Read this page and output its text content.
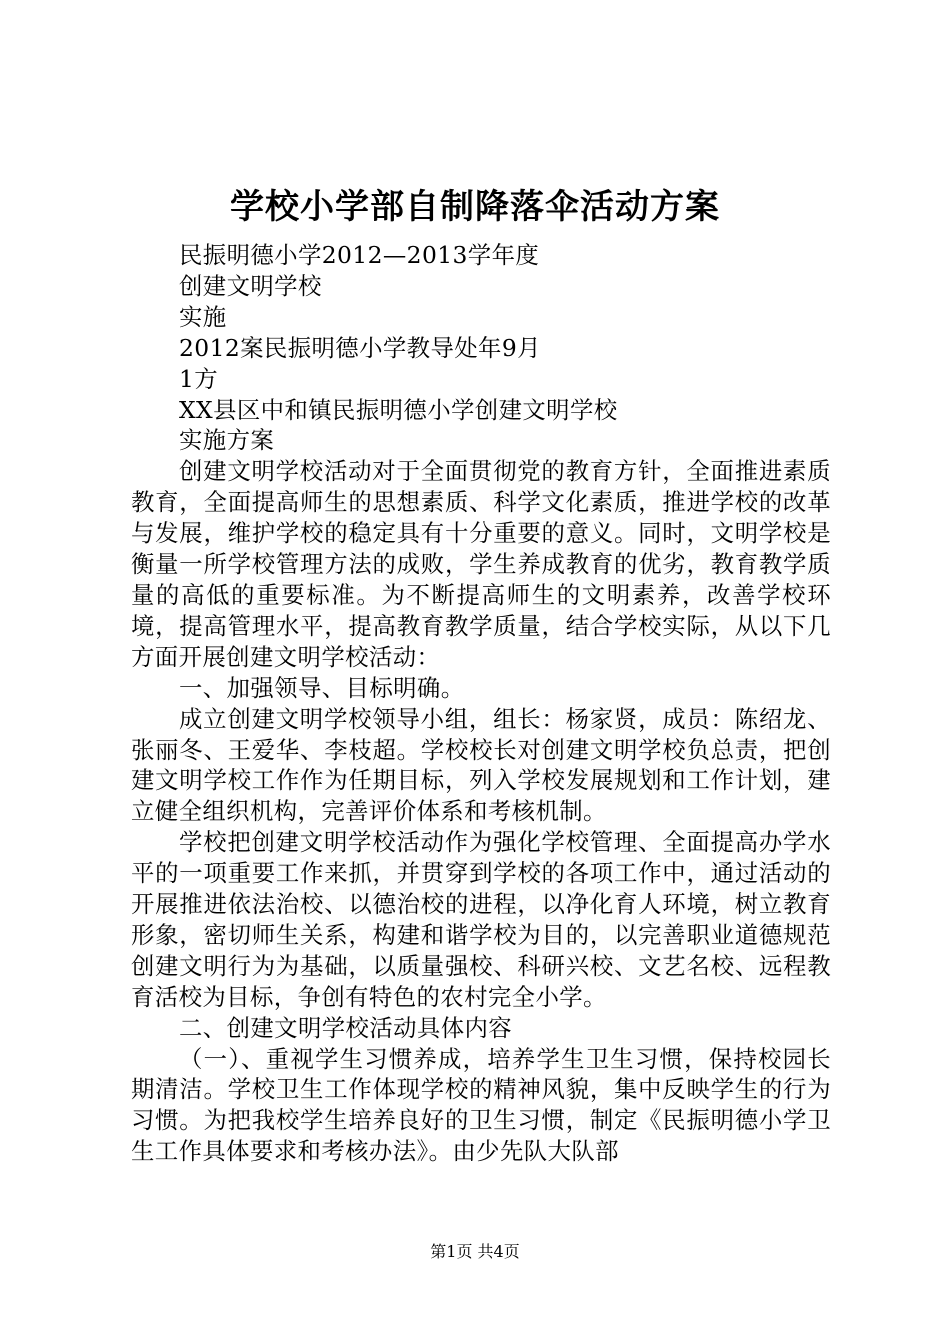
学校小学部自制降落伞活动方案
民振明德小学2012—2013学年度
创建文明学校
实施
2012案民振明德小学教导处年9月
1方
XX县区中和镇民振明德小学创建文明学校
实施方案

创建文明学校活动对于全面贯彻党的教育方针，全面推进素质教育，全面提高师生的思想素质、科学文化素质，推进学校的改革与发展，维护学校的稳定具有十分重要的意义。同时，文明学校是衡量一所学校管理方法的成败，学生养成教育的优劣，教育教学质量的高低的重要标准。为不断提高师生的文明素养，改善学校环境，提高管理水平，提高教育教学质量，结合学校实际，从以下几方面开展创建文明学校活动：

一、加强领导、目标明确。

成立创建文明学校领导小组，组长：杨家贤，成员：陈绍龙、张丽冬、王爱华、李枝超。学校校长对创建文明学校负总责，把创建文明学校工作作为任期目标，列入学校发展规划和工作计划，建立健全组织机构，完善评价体系和考核机制。

学校把创建文明学校活动作为强化学校管理、全面提高办学水平的一项重要工作来抓，并贯穿到学校的各项工作中，通过活动的开展推进依法治校、以德治校的进程，以净化育人环境，树立教育形象，密切师生关系，构建和谐学校为目的，以完善职业道德规范创建文明行为为基础，以质量强校、科研兴校、文艺名校、远程教育活校为目标，争创有特色的农村完全小学。

二、创建文明学校活动具体内容

（一）、重视学生习惯养成，培养学生卫生习惯，保持校园长期清洁。学校卫生工作体现学校的精神风貌，集中反映学生的行为习惯。为把我校学生培养良好的卫生习惯，制定《民振明德小学卫生工作具体要求和考核办法》。由少先队大队部

第1页 共4页
